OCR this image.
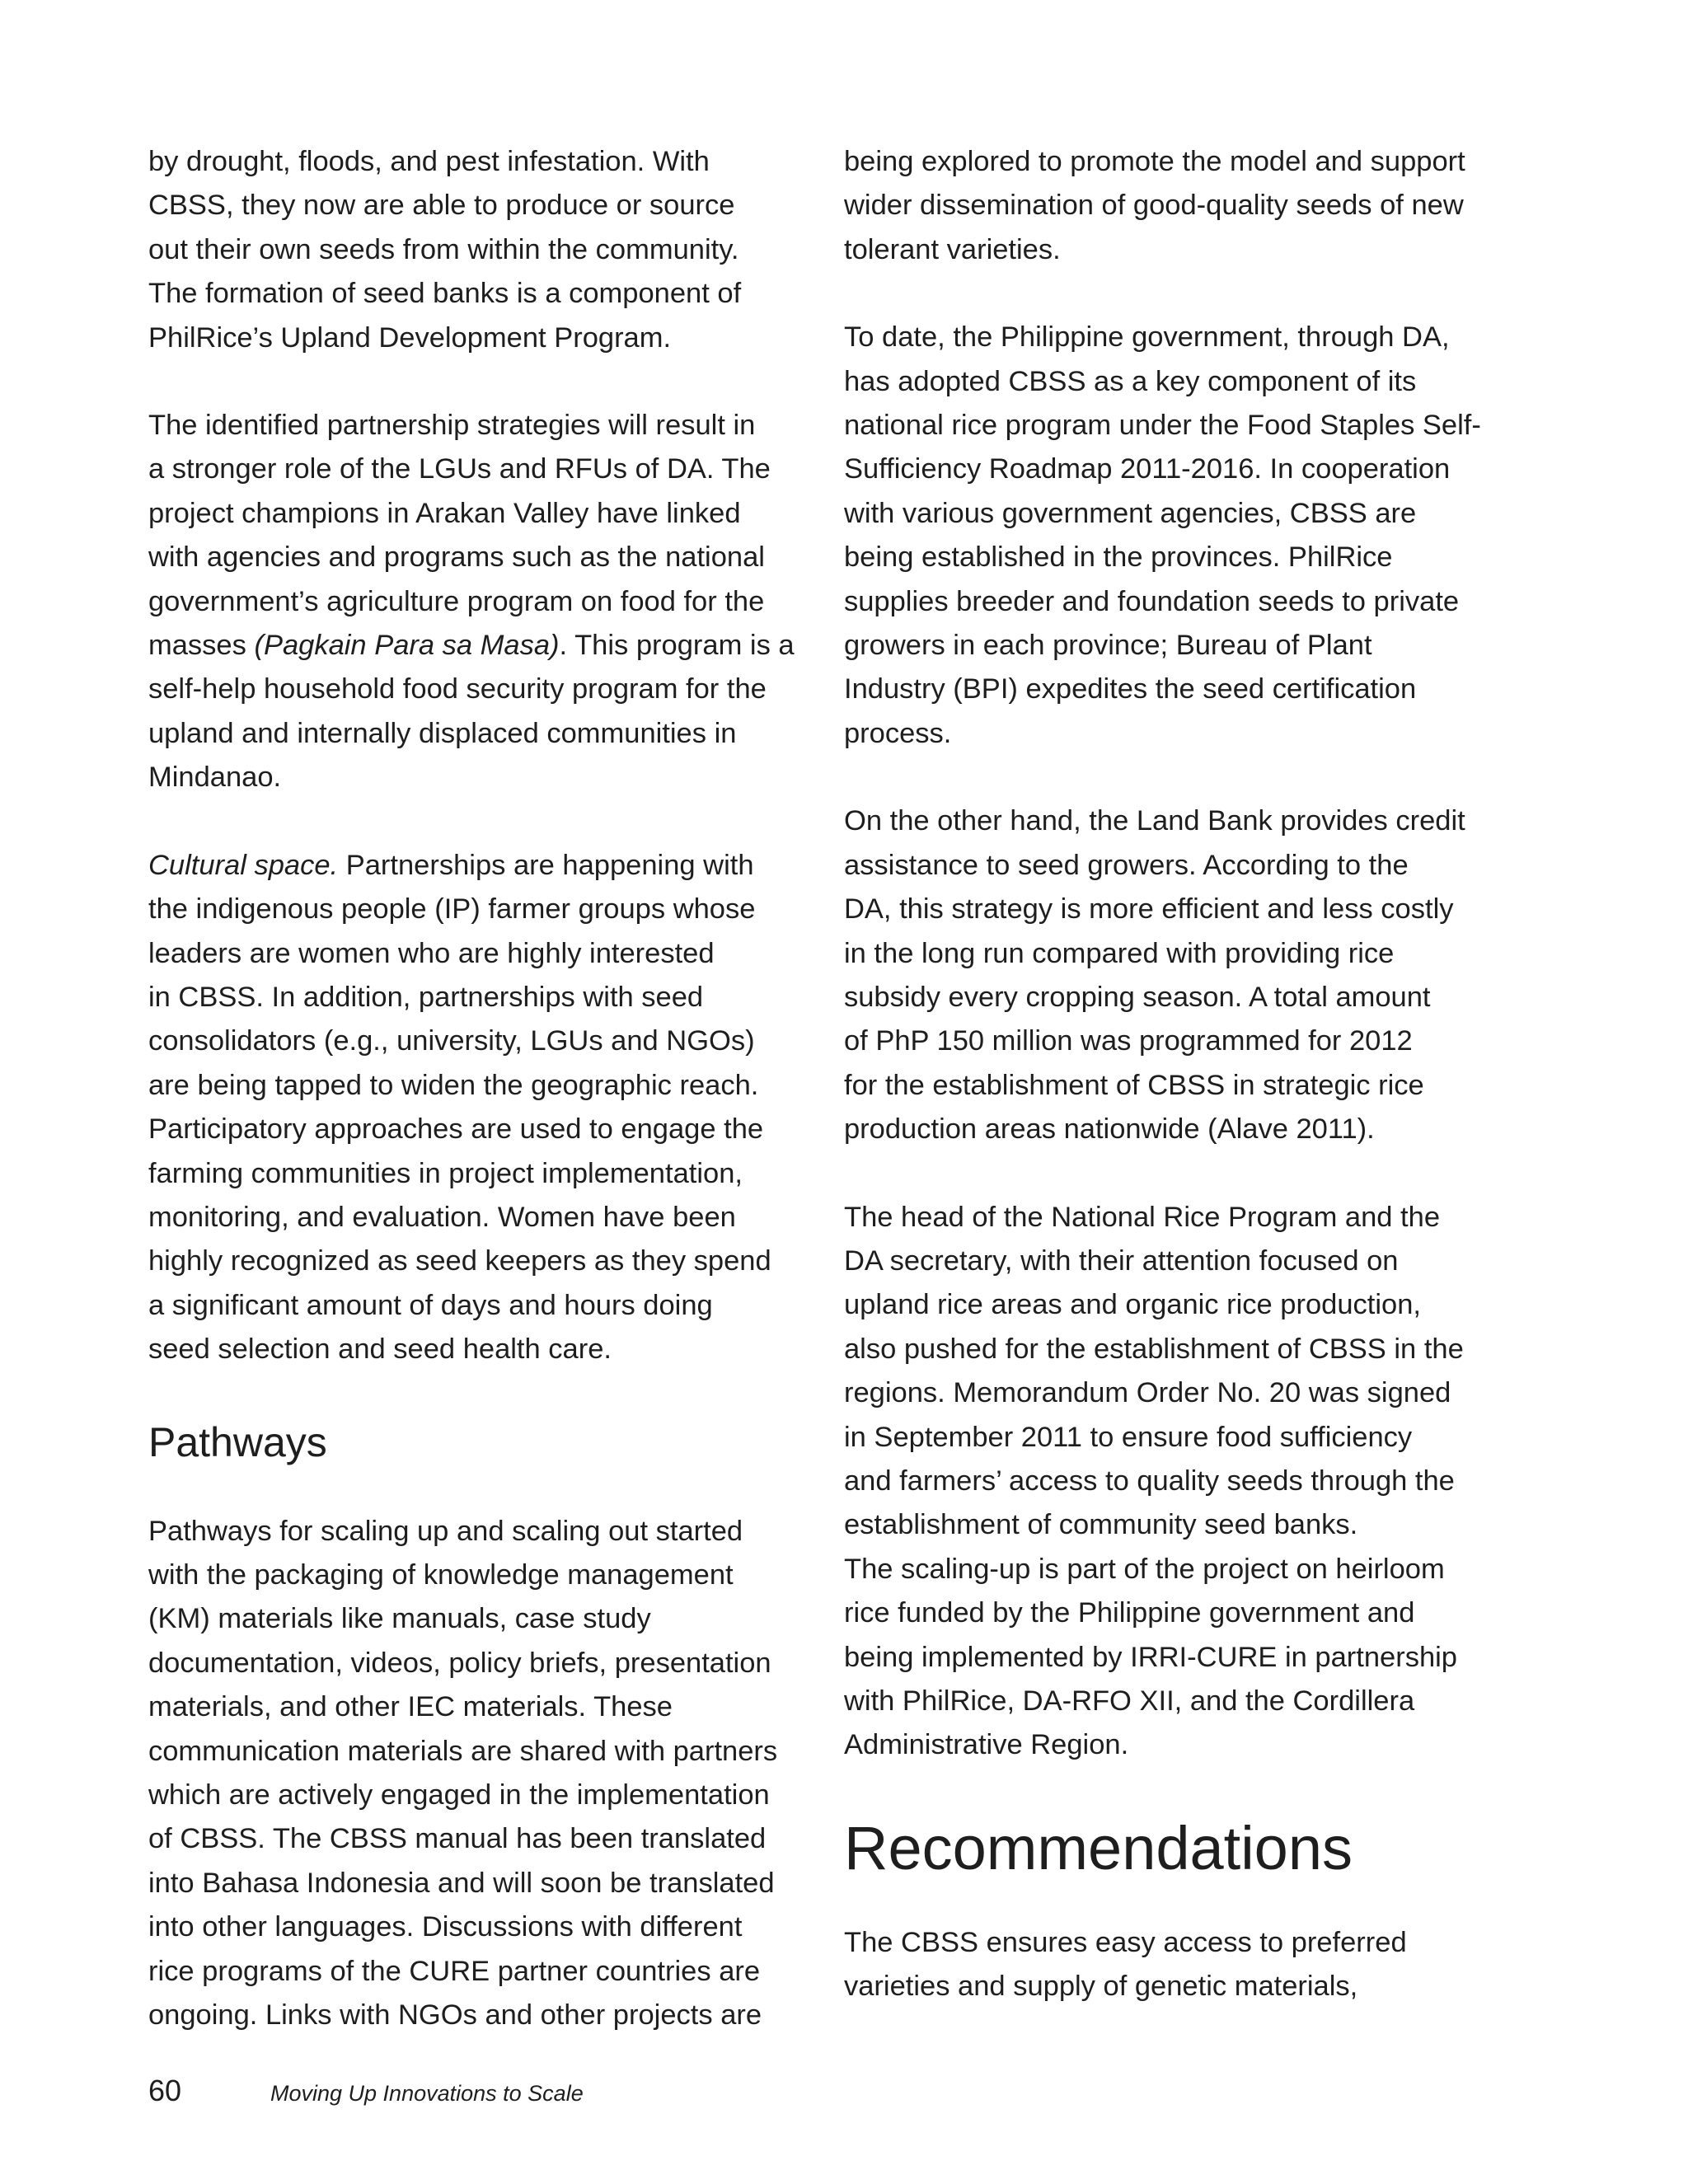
by drought, floods, and pest infestation. With
CBSS, they now are able to produce or source
out their own seeds from within the community.
The formation of seed banks is a component of
PhilRice’s Upland Development Program.

The identified partnership strategies will result in
a stronger role of the LGUs and RFUs of DA. The
project champions in Arakan Valley have linked
with agencies and programs such as the national
government’s agriculture program on food for the
masses (Pagkain Para sa Masa). This program is a
self-help household food security program for the
upland and internally displaced communities in
Mindanao.

Cultural space. Partnerships are happening with
the indigenous people (IP) farmer groups whose
leaders are women who are highly interested
in CBSS. In addition, partnerships with seed
consolidators (e.g., university, LGUs and NGOs)
are being tapped to widen the geographic reach.
Participatory approaches are used to engage the
farming communities in project implementation,
monitoring, and evaluation. Women have been
highly recognized as seed keepers as they spend
a significant amount of days and hours doing
seed selection and seed health care.

Pathways

Pathways for scaling up and scaling out started
with the packaging of knowledge management
(KM) materials like manuals, case study
documentation, videos, policy briefs, presentation
materials, and other IEC materials. These
communication materials are shared with partners
which are actively engaged in the implementation
of CBSS. The CBSS manual has been translated
into Bahasa Indonesia and will soon be translated
into other languages. Discussions with different
rice programs of the CURE partner countries are
ongoing. Links with NGOs and other projects are

being explored to promote the model and support
wider dissemination of good-quality seeds of new
tolerant varieties.

To date, the Philippine government, through DA,
has adopted CBSS as a key component of its
national rice program under the Food Staples Self-
Sufficiency Roadmap 2011-2016. In cooperation
with various government agencies, CBSS are
being established in the provinces. PhilRice
supplies breeder and foundation seeds to private
growers in each province; Bureau of Plant
Industry (BPI) expedites the seed certification
process.

On the other hand, the Land Bank provides credit
assistance to seed growers. According to the
DA, this strategy is more efficient and less costly
in the long run compared with providing rice
subsidy every cropping season. A total amount
of PhP 150 million was programmed for 2012
for the establishment of CBSS in strategic rice
production areas nationwide (Alave 2011).

The head of the National Rice Program and the
DA secretary, with their attention focused on
upland rice areas and organic rice production,
also pushed for the establishment of CBSS in the
regions. Memorandum Order No. 20 was signed
in September 2011 to ensure food sufficiency
and farmers’ access to quality seeds through the
establishment of community seed banks.

The scaling-up is part of the project on heirloom
rice funded by the Philippine government and
being implemented by IRRI-CURE in partnership
with PhilRice, DA-RFO XII, and the Cordillera
Administrative Region.

Recommendations

The CBSS ensures easy access to preferred
varieties and supply of genetic materials,

60	Moving Up Innovations to Scale
